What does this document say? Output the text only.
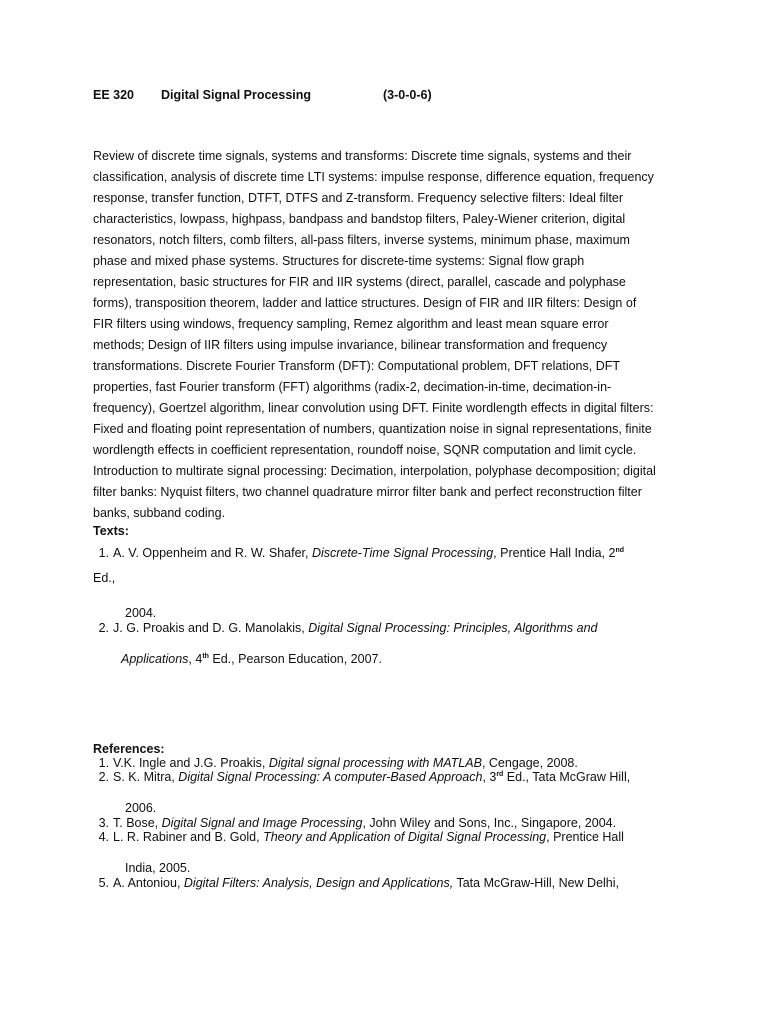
EE 320 Digital Signal Processing	(3-0-0-6)
Review of discrete time signals, systems and transforms: Discrete time signals, systems and their
classification, analysis of discrete time LTI systems: impulse response, difference equation, frequency
response, transfer function, DTFT, DTFS and Z-transform. Frequency selective filters: Ideal filter
characteristics, lowpass, highpass, bandpass and bandstop filters, Paley-Wiener criterion, digital
resonators, notch filters, comb filters, all-pass filters, inverse systems, minimum phase, maximum
phase and mixed phase systems. Structures for discrete-time systems: Signal flow graph
representation, basic structures for FIR and IIR systems (direct, parallel, cascade and polyphase
forms), transposition theorem, ladder and lattice structures. Design of FIR and IIR filters: Design of
FIR filters using windows, frequency sampling, Remez algorithm and least mean square error
methods; Design of IIR filters using impulse invariance, bilinear transformation and frequency
transformations. Discrete Fourier Transform (DFT): Computational problem, DFT relations, DFT
properties, fast Fourier transform (FFT) algorithms (radix-2, decimation-in-time, decimation-in-
frequency), Goertzel algorithm, linear convolution using DFT. Finite wordlength effects in digital filters:
Fixed and floating point representation of numbers, quantization noise in signal representations, finite
wordlength effects in coefficient representation, roundoff noise, SQNR computation and limit cycle.
Introduction to multirate signal processing: Decimation, interpolation, polyphase decomposition; digital
filter banks: Nyquist filters, two channel quadrature mirror filter bank and perfect reconstruction filter
banks, subband coding.
Texts:
1. A. V. Oppenheim and R. W. Shafer, Discrete-Time Signal Processing, Prentice Hall India, 2nd
Ed.,
2004.
2. J. G. Proakis and D. G. Manolakis, Digital Signal Processing: Principles, Algorithms and
Applications, 4th Ed., Pearson Education, 2007.
References:
1. V.K. Ingle and J.G. Proakis, Digital signal processing with MATLAB, Cengage, 2008.
2. S. K. Mitra, Digital Signal Processing: A computer-Based Approach, 3rd Ed., Tata McGraw Hill,
2006.
3. T. Bose, Digital Signal and Image Processing, John Wiley and Sons, Inc., Singapore, 2004.
4. L. R. Rabiner and B. Gold, Theory and Application of Digital Signal Processing, Prentice Hall
India, 2005.
5. A. Antoniou, Digital Filters: Analysis, Design and Applications, Tata McGraw-Hill, New Delhi,
